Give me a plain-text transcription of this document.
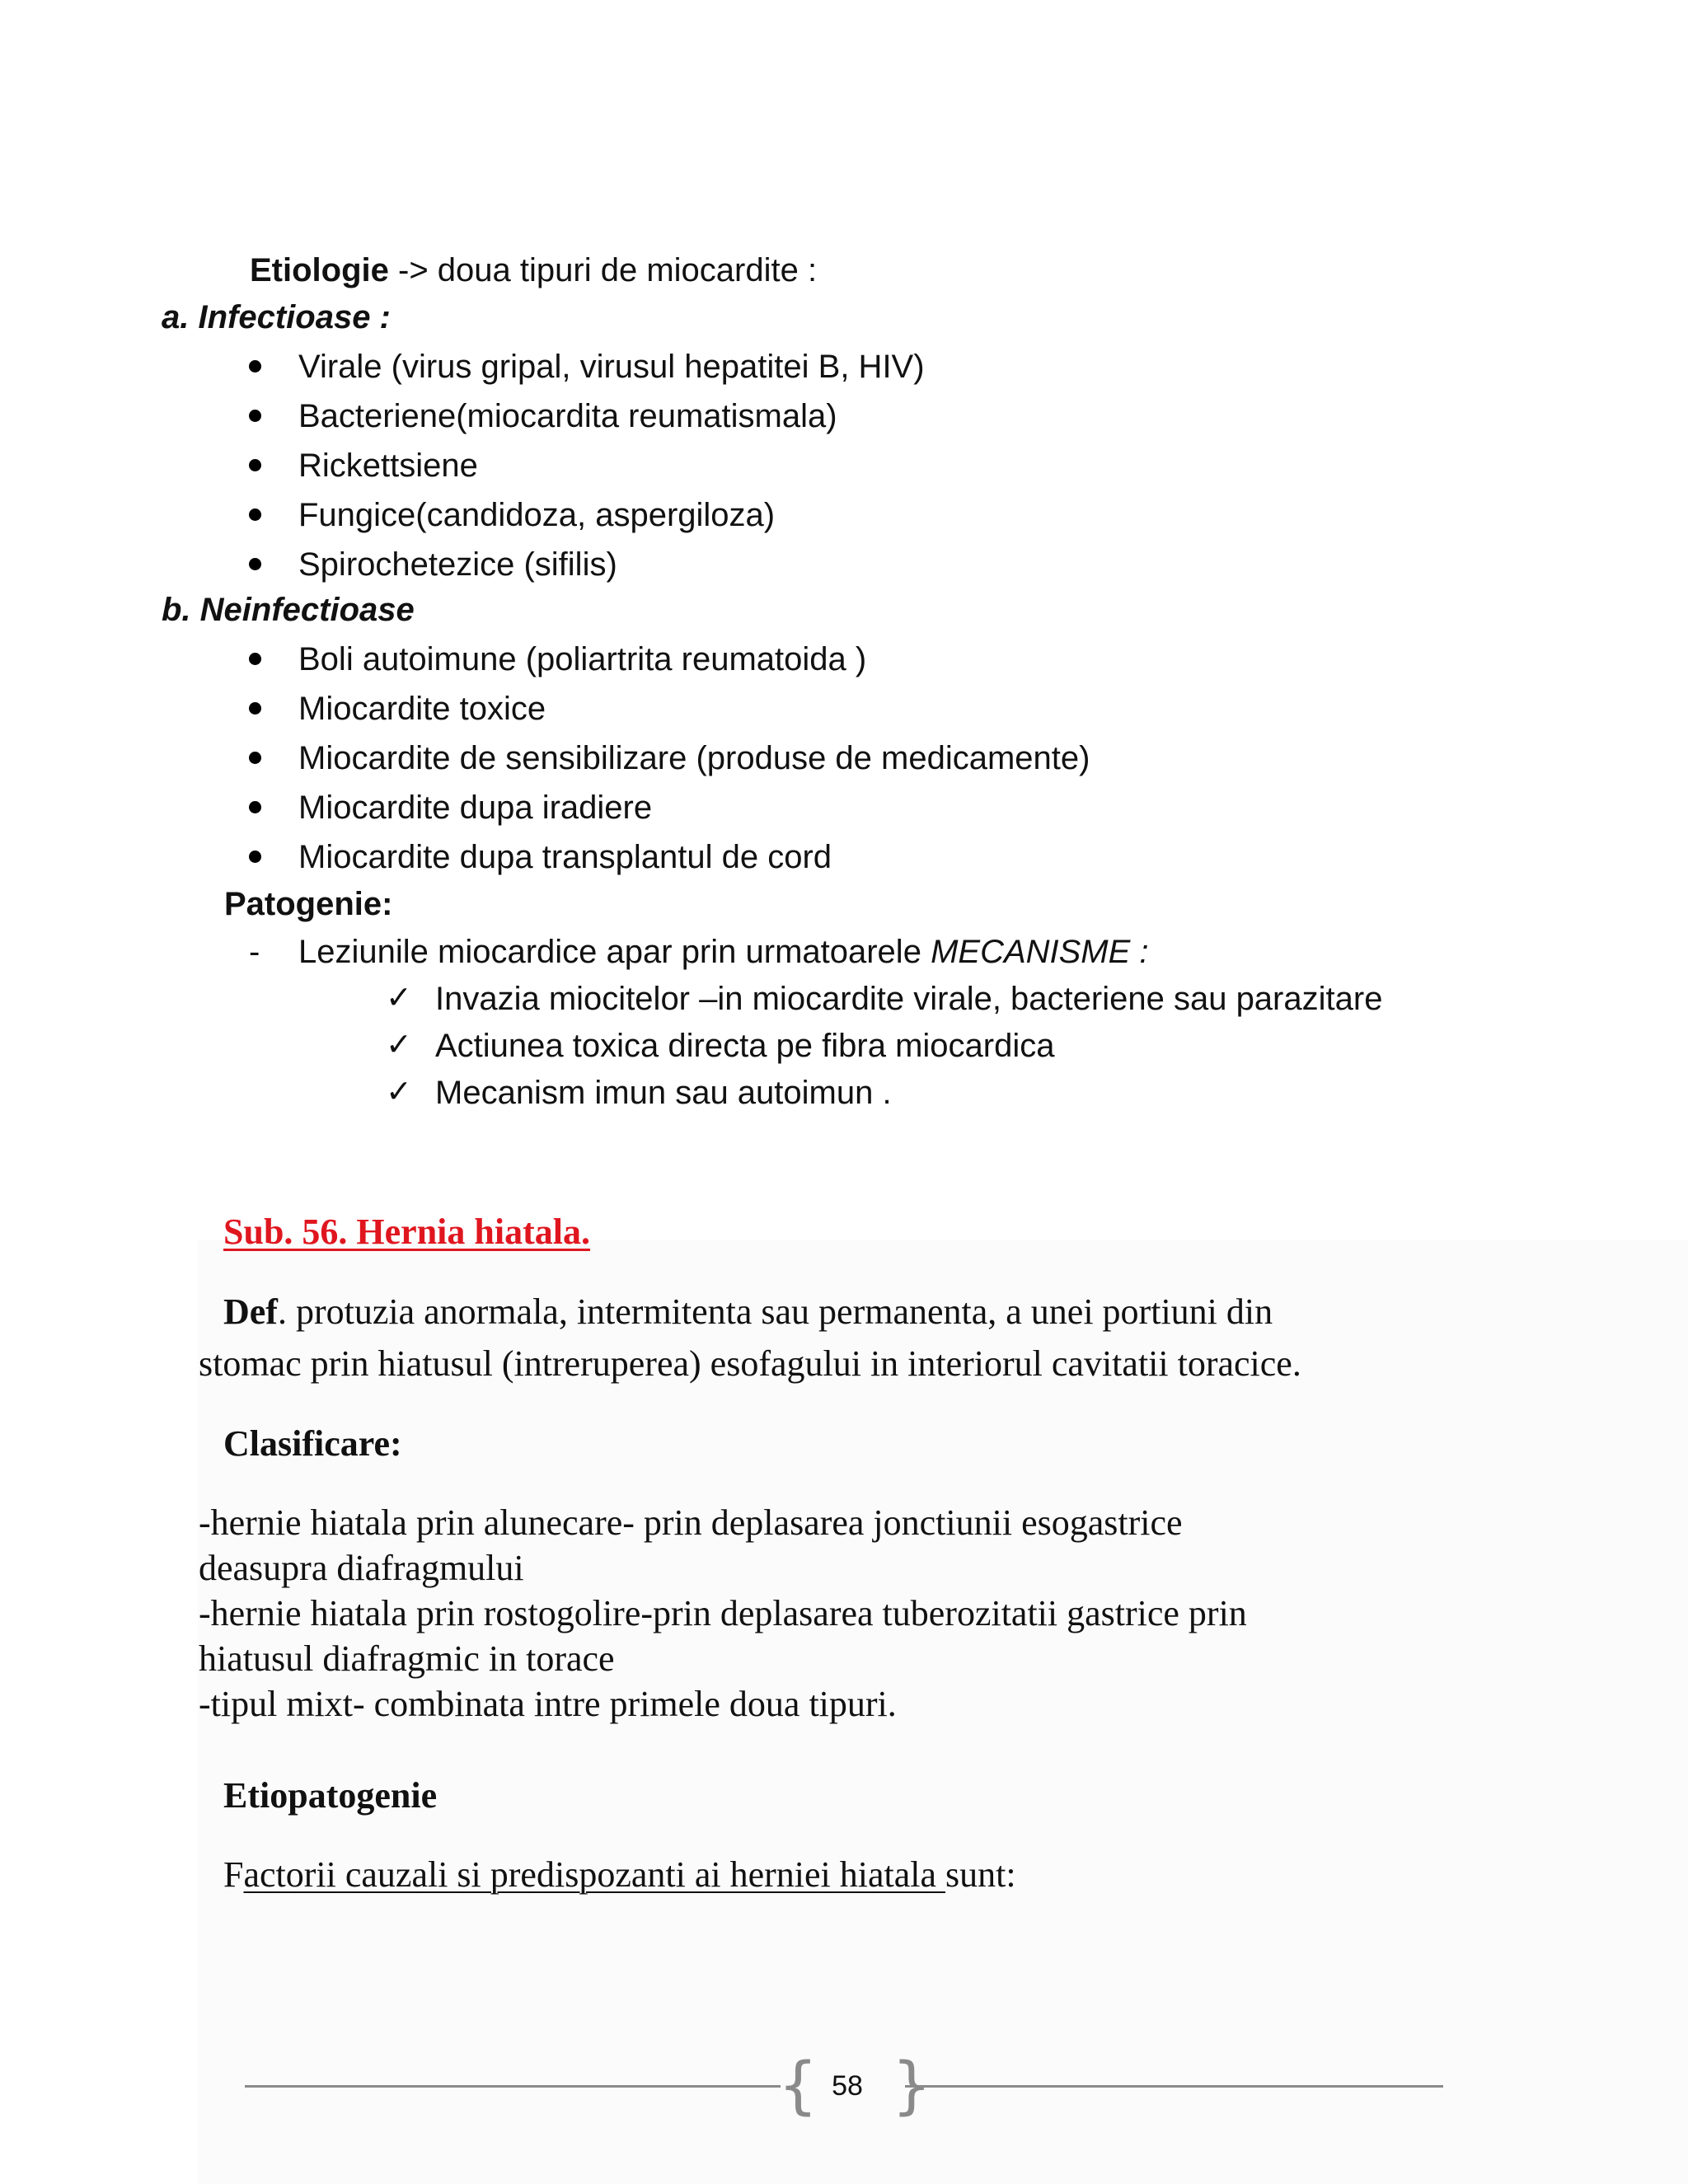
Etiologie -> doua tipuri de miocardite :
a. Infectioase :
Virale (virus gripal, virusul hepatitei B, HIV)
Bacteriene(miocardita reumatismala)
Rickettsiene
Fungice(candidoza, aspergiloza)
Spirochetezice (sifilis)
b. Neinfectioase
Boli autoimune (poliartrita reumatoida )
Miocardite toxice
Miocardite de sensibilizare (produse de medicamente)
Miocardite dupa iradiere
Miocardite dupa transplantul de cord
Patogenie:
- Leziunile miocardice apar prin urmatoarele MECANISME :
✓ Invazia miocitelor –in miocardite virale, bacteriene sau parazitare
✓ Actiunea toxica directa pe fibra miocardica
✓ Mecanism imun sau autoimun .
Sub. 56. Hernia hiatala.
Def. protuzia anormala, intermitenta sau permanenta, a unei portiuni din
stomac prin hiatusul (intreruperea) esofagului in interiorul cavitatii toracice.
Clasificare:
-hernie hiatala prin alunecare- prin deplasarea jonctiunii esogastrice
deasupra diafragmului
-hernie hiatala prin rostogolire-prin deplasarea tuberozitatii gastrice prin
hiatusul diafragmic in torace
-tipul mixt- combinata intre primele doua tipuri.
Etiopatogenie
Factorii cauzali si predispozanti ai herniei hiatala sunt:
{ }
58
